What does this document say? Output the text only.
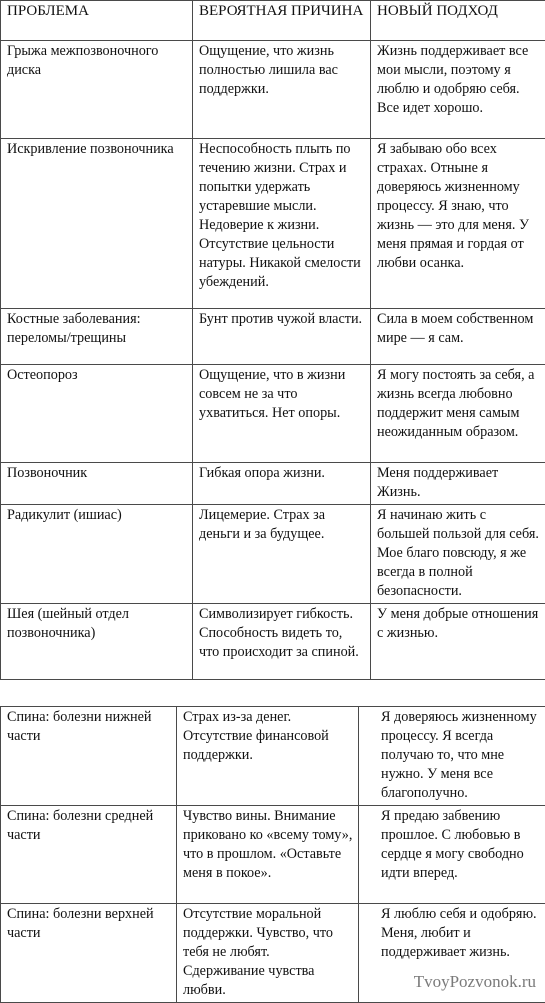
ПРОБЛЕМА	ВЕРОЯТНАЯ ПРИЧИНА	НОВЫЙ ПОДХОД
Грыжа межпозвоночного диска	Ощущение, что жизнь полностью лишила вас поддержки.	Жизнь поддерживает все мои мысли, поэтому я люблю и одобряю себя. Все идет хорошо.
Искривление позвоночника	Неспособность плыть по течению жизни. Страх и попытки удержать устаревшие мысли. Недоверие к жизни. Отсутствие цельности натуры. Никакой смелости убеждений.	Я забываю обо всех страхах. Отныне я доверяюсь жизненному процессу. Я знаю, что жизнь — это для меня. У меня прямая и гордая от любви осанка.
Костные заболевания: переломы/трещины	Бунт против чужой власти.	Сила в моем собственном мире — я сам.
Остеопороз	Ощущение, что в жизни совсем не за что ухватиться. Нет опоры.	Я могу постоять за себя, а жизнь всегда любовно поддержит меня самым неожиданным образом.
Позвоночник	Гибкая опора жизни.	Меня поддерживает Жизнь.
Радикулит (ишиас)	Лицемерие. Страх за деньги и за будущее.	Я начинаю жить с большей пользой для себя. Мое благо повсюду, я же всегда в полной безопасности.
Шея (шейный отдел позвоночника)	Символизирует гибкость. Способность видеть то, что происходит за спиной.	У меня добрые отношения с жизнью.
Спина: болезни нижней части	Страх из-за денег. Отсутствие финансовой поддержки.	Я доверяюсь жизненному процессу. Я всегда получаю то, что мне нужно. У меня все благополучно.
Спина: болезни средней части	Чувство вины. Внимание приковано ко «всему тому», что в прошлом. «Оставьте меня в покое».	Я предаю забвению прошлое. С любовью в сердце я могу свободно идти вперед.
Спина: болезни верхней части	Отсутствие моральной поддержки. Чувство, что тебя не любят. Сдерживание чувства любви.	Я люблю себя и одобряю. Меня, любит и поддерживает жизнь.
TvoyPozvonok.ru
